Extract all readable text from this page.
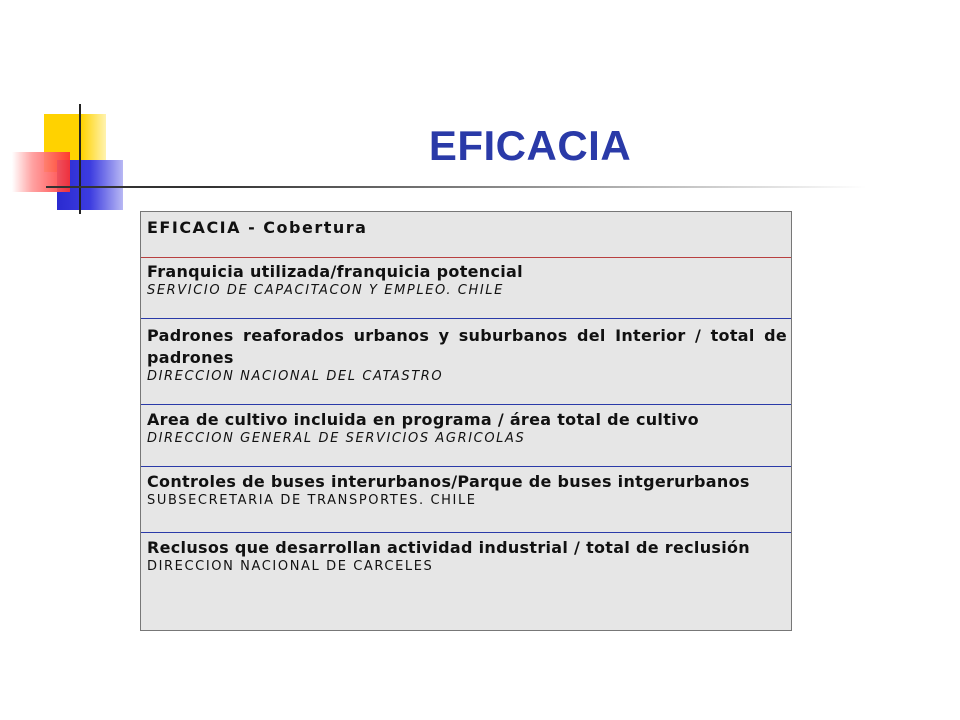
EFICACIA
EFICACIA - Cobertura
Franquicia utilizada/franquicia potencial
SERVICIO DE CAPACITACON Y EMPLEO. CHILE
Padrones reaforados urbanos y suburbanos del Interior / total de padrones
DIRECCION NACIONAL DEL CATASTRO
Area de cultivo incluida en programa / área total de cultivo
DIRECCION GENERAL DE SERVICIOS AGRICOLAS
Controles de buses interurbanos/Parque de buses intgerurbanos
SUBSECRETARIA DE TRANSPORTES. CHILE
Reclusos que desarrollan actividad industrial / total de reclusión
DIRECCION NACIONAL DE CARCELES
